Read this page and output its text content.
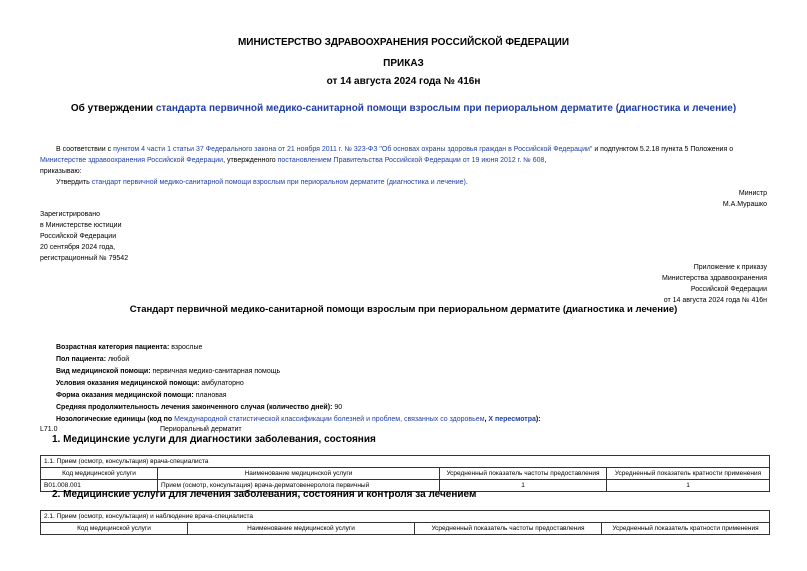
МИНИСТЕРСТВО ЗДРАВООХРАНЕНИЯ РОССИЙСКОЙ ФЕДЕРАЦИИ
ПРИКАЗ
от 14 августа 2024 года № 416н
Об утверждении стандарта первичной медико-санитарной помощи взрослым при периоральном дерматите (диагностика и лечение)
В соответствии с пунктом 4 части 1 статьи 37 Федерального закона от 21 ноября 2011 г. № 323-ФЗ "Об основах охраны здоровья граждан в Российской Федерации" и подпунктом 5.2.18 пункта 5 Положения о Министерстве здравоохранения Российской Федерации, утвержденного постановлением Правительства Российской Федерации от 19 июня 2012 г. № 608,
приказываю:
Утвердить стандарт первичной медико-санитарной помощи взрослым при периоральном дерматите (диагностика и лечение).
Министр
М.А.Мурашко
Зарегистрировано
в Министерстве юстиции
Российской Федерации
20 сентября 2024 года,
регистрационный № 79542
Приложение к приказу
Министерства здравоохранения
Российской Федерации
от 14 августа 2024 года № 416н
Стандарт первичной медико-санитарной помощи взрослым при периоральном дерматите (диагностика и лечение)
Возрастная категория пациента: взрослые
Пол пациента: любой
Вид медицинской помощи: первичная медико-санитарная помощь
Условия оказания медицинской помощи: амбулаторно
Форма оказания медицинской помощи: плановая
Средняя продолжительность лечения законченного случая (количество дней): 90
Нозологические единицы (код по Международной статистической классификации болезней и проблем, связанных со здоровьем, X пересмотра):
L71.0	Периоральный дерматит
1. Медицинские услуги для диагностики заболевания, состояния
1.1. Прием (осмотр, консультация) врача-специалиста			
Код медицинской услуги	Наименование медицинской услуги	Усредненный показатель частоты предоставления	Усредненный показатель кратности применения
B01.008.001	Прием (осмотр, консультация) врача-дерматовенеролога первичный	1	1
2. Медицинские услуги для лечения заболевания, состояния и контроля за лечением
2.1. Прием (осмотр, консультация) и наблюдение врача-специалиста
Код медицинской услуги	Наименование медицинской услуги	Усредненный показатель частоты предоставления	Усредненный показатель кратности применения
